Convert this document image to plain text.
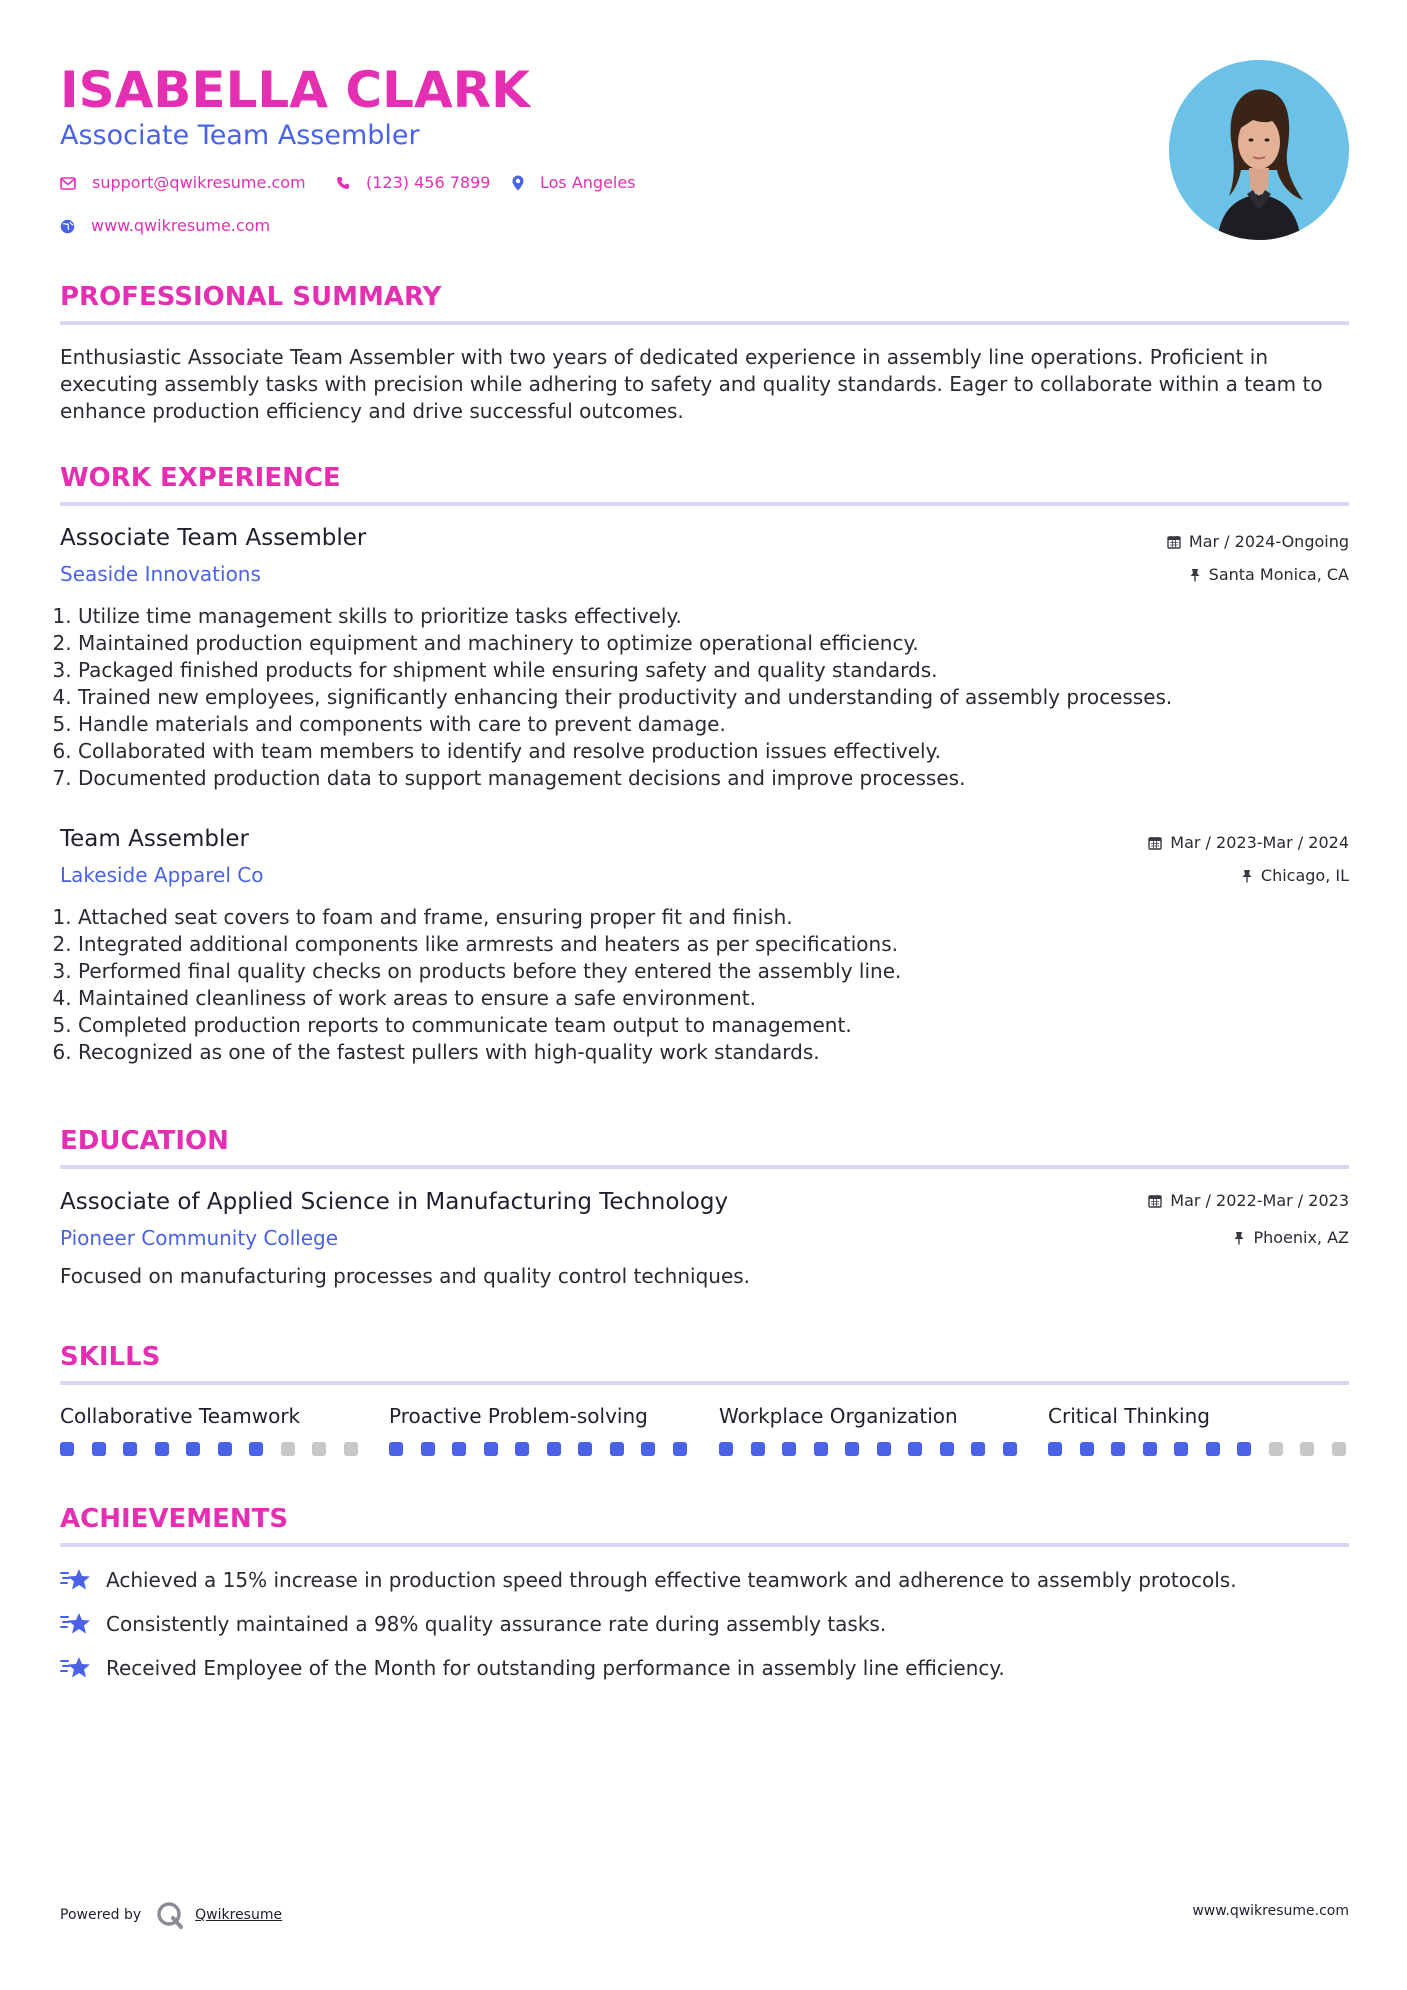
ISABELLA CLARK
Associate Team Assembler
support@qwikresume.com	(123) 456 7899	Los Angeles
www.qwikresume.com
PROFESSIONAL SUMMARY
Enthusiastic Associate Team Assembler with two years of dedicated experience in assembly line operations. Proficient in executing assembly tasks with precision while adhering to safety and quality standards. Eager to collaborate within a team to enhance production efficiency and drive successful outcomes.
WORK EXPERIENCE
Associate Team Assembler
Seaside Innovations
Mar / 2024-Ongoing
Santa Monica, CA
1. Utilize time management skills to prioritize tasks effectively.
2. Maintained production equipment and machinery to optimize operational efficiency.
3. Packaged finished products for shipment while ensuring safety and quality standards.
4. Trained new employees, significantly enhancing their productivity and understanding of assembly processes.
5. Handle materials and components with care to prevent damage.
6. Collaborated with team members to identify and resolve production issues effectively.
7. Documented production data to support management decisions and improve processes.
Team Assembler
Lakeside Apparel Co
Mar / 2023-Mar / 2024
Chicago, IL
1. Attached seat covers to foam and frame, ensuring proper fit and finish.
2. Integrated additional components like armrests and heaters as per specifications.
3. Performed final quality checks on products before they entered the assembly line.
4. Maintained cleanliness of work areas to ensure a safe environment.
5. Completed production reports to communicate team output to management.
6. Recognized as one of the fastest pullers with high-quality work standards.
EDUCATION
Associate of Applied Science in Manufacturing Technology
Pioneer Community College
Mar / 2022-Mar / 2023
Phoenix, AZ
Focused on manufacturing processes and quality control techniques.
SKILLS
Collaborative Teamwork	Proactive Problem-solving	Workplace Organization	Critical Thinking
ACHIEVEMENTS
Achieved a 15% increase in production speed through effective teamwork and adherence to assembly protocols.
Consistently maintained a 98% quality assurance rate during assembly tasks.
Received Employee of the Month for outstanding performance in assembly line efficiency.
Powered by	Qwikresume	www.qwikresume.com
